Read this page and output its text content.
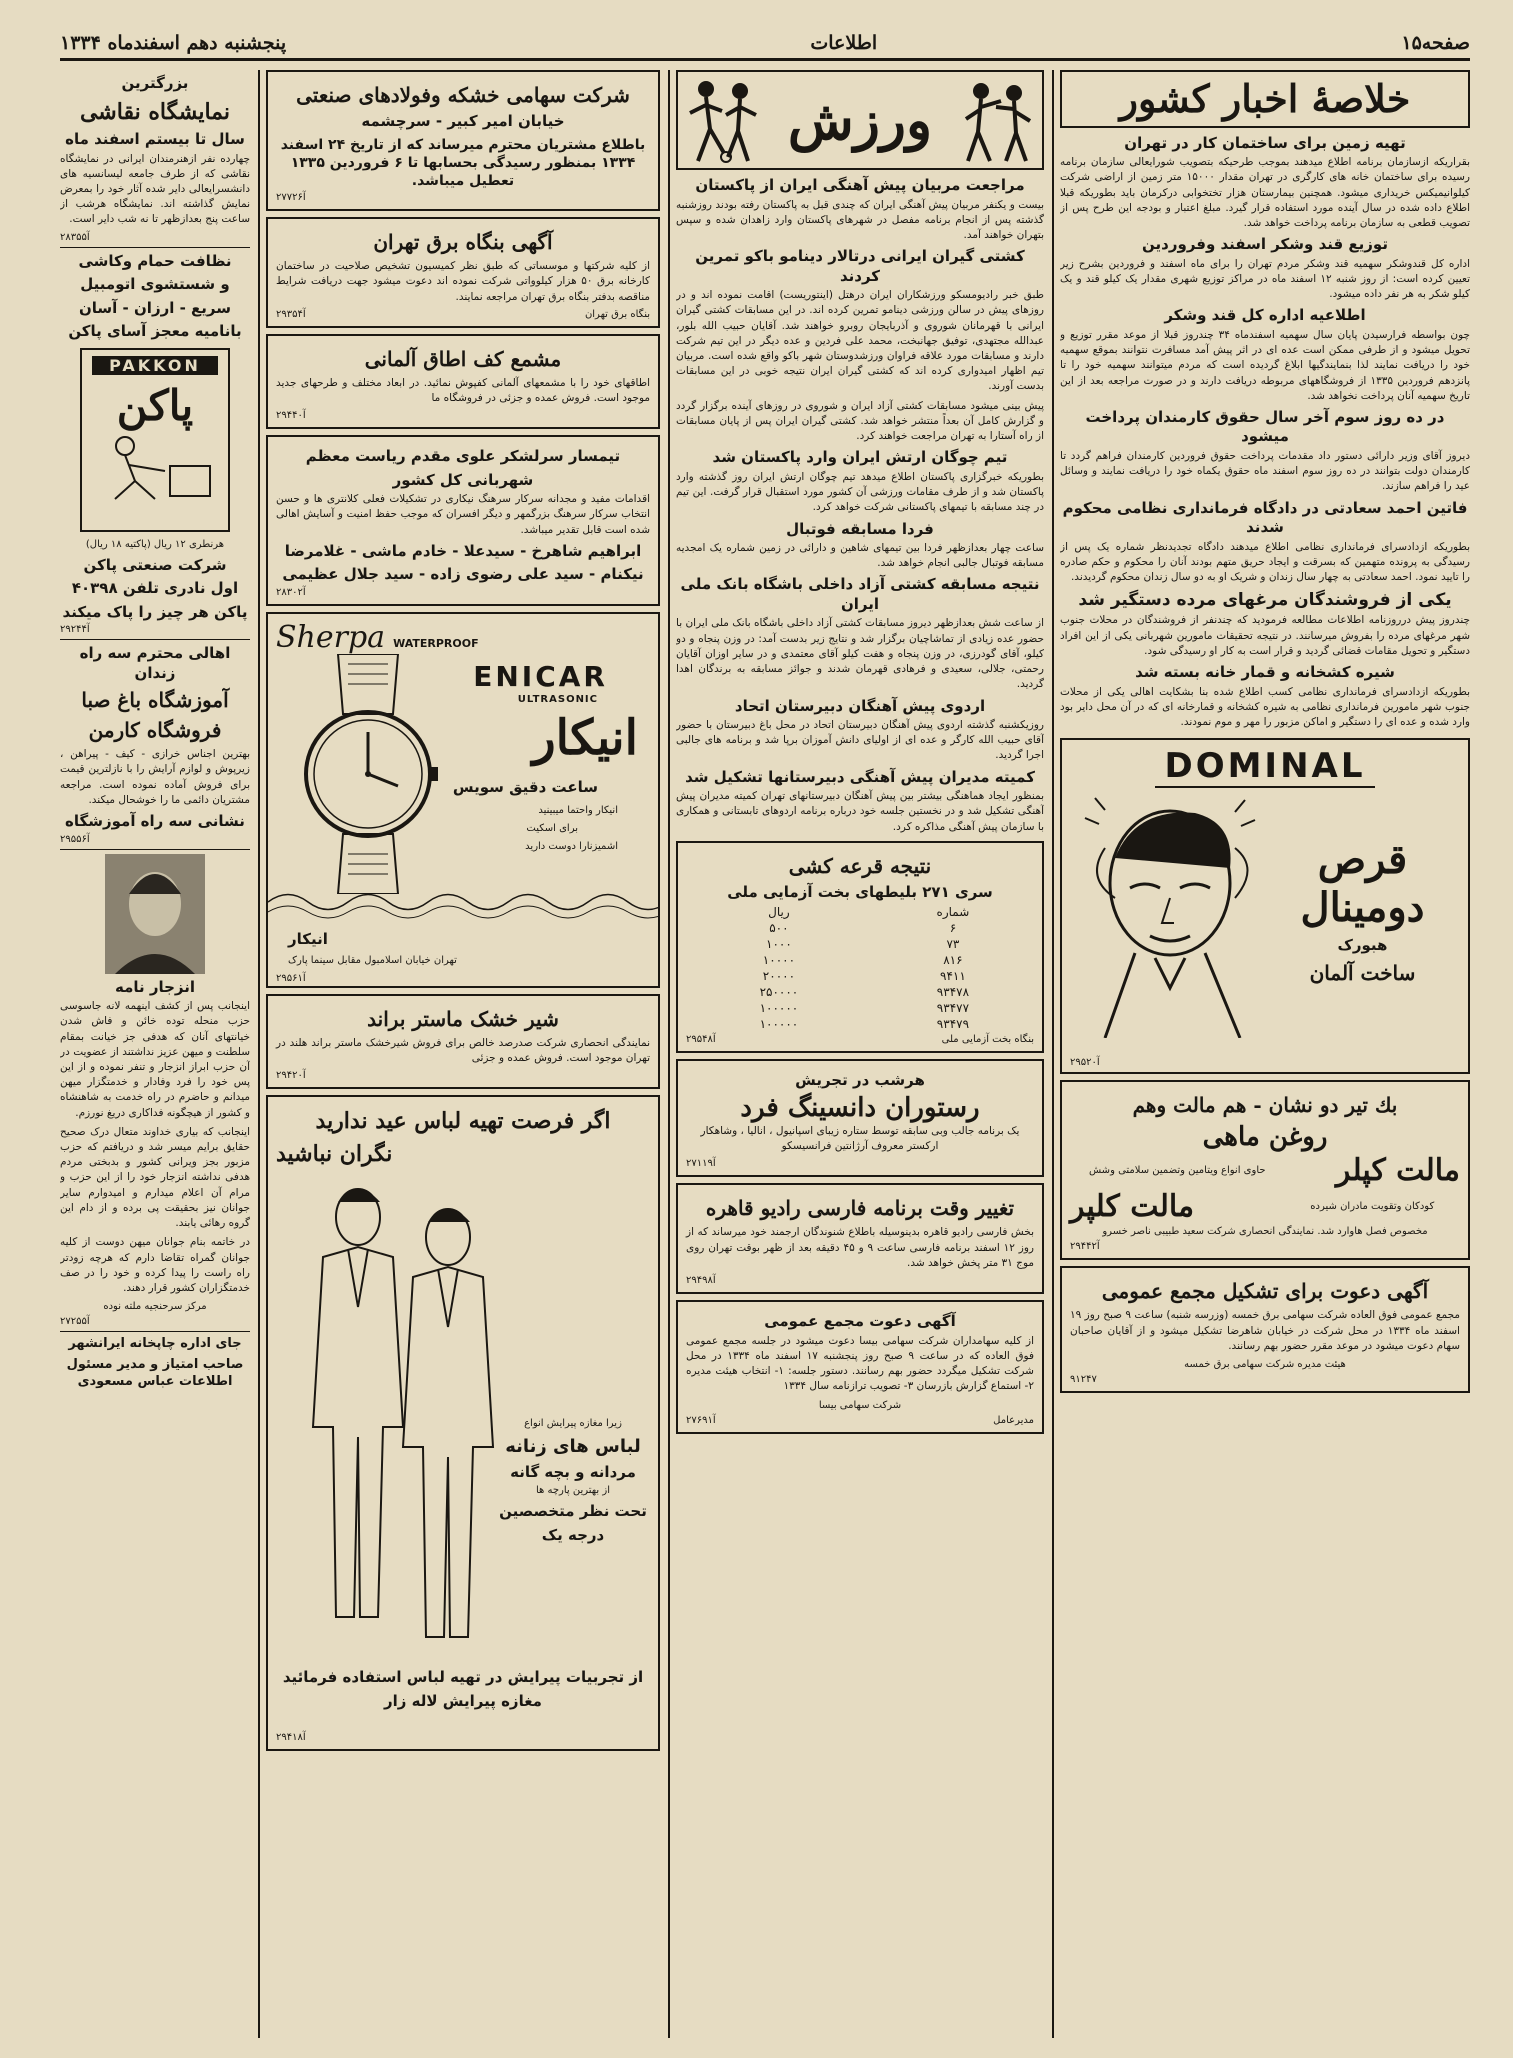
صفحه۱۵
اطلاعات
پنجشنبه دهم اسفندماه ۱۳۳۴
خلاصهٔ اخبار کشور
تهیه زمین برای ساختمان کار در تهران

بقراریکه ازسازمان برنامه اطلاع میدهند بموجب طرحیکه بتصویب شورایعالی سازمان برنامه رسیده برای ساختمان خانه های کارگری در تهران مقدار ۱۵۰۰۰ متر زمین از اراضی شرکت کیلوانیمیکس خریداری میشود. همچنین بیمارستان هزار تختخوابی درکرمان باید بطوریکه قبلا اطلاع داده شده در سال آینده مورد استفاده قرار گیرد. مبلغ اعتبار و بودجه این طرح پس از تصویب قطعی به سازمان برنامه پرداخت خواهد شد.

توزیع قند وشکر اسفند وفروردین

اداره کل قندوشکر سهمیه قند وشکر مردم تهران را برای ماه اسفند و فروردین بشرح زیر تعیین کرده است: از روز شنبه ۱۲ اسفند ماه در مراکز توزیع شهری مقدار یک کیلو قند و یک کیلو شکر به هر نفر داده میشود.

اطلاعیه اداره کل قند وشکر

چون بواسطه فرارسیدن پایان سال سهمیه اسفندماه ۳۴ چندروز قبلا از موعد مقرر توزیع و تحویل میشود و از طرفی ممکن است عده ای در اثر پیش آمد مسافرت نتوانند بموقع سهمیه خود را دریافت نمایند لذا بنمایندگیها ابلاغ گردیده است که مردم میتوانند سهمیه خود را تا پانزدهم فروردین ۱۳۳۵ از فروشگاههای مربوطه دریافت دارند و در صورت مراجعه بعد از این تاریخ سهمیه آنان پرداخت نخواهد شد.

در ده روز سوم آخر سال حقوق کارمندان پرداخت میشود

دیروز آقای وزیر دارائی دستور داد مقدمات پرداخت حقوق فروردین کارمندان فراهم گردد تا کارمندان دولت بتوانند در ده روز سوم اسفند ماه حقوق یکماه خود را دریافت نمایند و وسائل عید را فراهم سازند.

فاتین احمد سعادتی در دادگاه فرمانداری نظامی محکوم شدند

بطوریکه ازدادسرای فرمانداری نظامی اطلاع میدهند دادگاه تجدیدنظر شماره یک پس از رسیدگی به پرونده متهمین که بسرقت و ایجاد حریق متهم بودند آنان را محکوم و حکم صادره را تایید نمود. احمد سعادتی به چهار سال زندان و شریک او به دو سال زندان محکوم گردیدند.

یکی از فروشندگان مرغهای مرده دستگیر شد

چندروز پیش درروزنامه اطلاعات مطالعه فرمودید که چندنفر از فروشندگان در محلات جنوب شهر مرغهای مرده را بفروش میرسانند. در نتیجه تحقیقات مامورین شهربانی یکی از این افراد دستگیر و تحویل مقامات قضائی گردید و قرار است به کار او رسیدگی شود.

شیره کشخانه و قمار خانه بسته شد

بطوریکه ازدادسرای فرمانداری نظامی کسب اطلاع شده بنا بشکایت اهالی یکی از محلات جنوب شهر مامورین فرمانداری نظامی به شیره کشخانه و قمارخانه ای که در آن محل دایر بود وارد شده و عده ای را دستگیر و اماکن مزبور را مهر و موم نمودند.

DOMINAL
قرص دومینال
هبورک
ساخت آلمان
آ۲۹۵۲۰
بك تیر دو نشان - هم مالت وهم
روغن ماهی
مالت کپلر
حاوی انواع ویتامین وتضمین سلامتی وشش
کودکان وتقویت مادران شیرده
مالت کلپر
مخصوص فصل هاوارد شد. نمایندگی انحصاری شرکت سعید طبیبی ناصر خسرو
آ۲۹۴۴۲
آگهی دعوت برای تشکیل مجمع عمومی

مجمع عمومی فوق العاده شرکت سهامی برق خمسه (وزرسه شنبه) ساعت ۹ صبح روز ۱۹ اسفند ماه ۱۳۳۴ در محل شرکت در خیابان شاهرضا تشکیل میشود و از آقایان صاحبان سهام دعوت میشود در موعد مقرر حضور بهم رسانند.

هیئت مدیره شرکت سهامی برق خمسه
۹۱۲۴۷
ورزش
مراجعت مربیان پیش آهنگی ایران از پاکستان

بیست و یکنفر مربیان پیش آهنگی ایران که چندی قبل به پاکستان رفته بودند روزشنبه گذشته پس از انجام برنامه مفصل در شهرهای پاکستان وارد زاهدان شده و سپس بتهران خواهند آمد.

کشتی گیران ایرانی درتالار دینامو باکو تمرین کردند

طبق خبر رادیومسکو ورزشکاران ایران درهتل (اینتوریست) اقامت نموده اند و در روزهای پیش در سالن ورزشی دینامو تمرین کرده اند. در این مسابقات کشتی گیران ایرانی با قهرمانان شوروی و آذربایجان روبرو خواهند شد. آقایان حبیب الله بلور، عبدالله مجتهدی، توفیق جهانبخت، محمد علی فردین و عده دیگر در این تیم شرکت دارند و مسابقات مورد علاقه فراوان ورزشدوستان شهر باکو واقع شده است. مربیان تیم اظهار امیدواری کرده اند که کشتی گیران ایران نتیجه خوبی در این مسابقات بدست آورند.

پیش بینی میشود مسابقات کشتی آزاد ایران و شوروی در روزهای آینده برگزار گردد و گزارش کامل آن بعداً منتشر خواهد شد. کشتی گیران ایران پس از پایان مسابقات از راه آستارا به تهران مراجعت خواهند کرد.

تیم چوگان ارتش ایران وارد پاکستان شد

بطوریکه خبرگزاری پاکستان اطلاع میدهد تیم چوگان ارتش ایران روز گذشته وارد پاکستان شد و از طرف مقامات ورزشی آن کشور مورد استقبال قرار گرفت. این تیم در چند مسابقه با تیمهای پاکستانی شرکت خواهد کرد.

فردا مسابقه فوتبال

ساعت چهار بعدازظهر فردا بین تیمهای شاهین و دارائی در زمین شماره یک امجدیه مسابقه فوتبال جالبی انجام خواهد شد.

نتیجه مسابقه کشتی آزاد داخلی باشگاه بانک ملی ایران

از ساعت شش بعدازظهر دیروز مسابقات کشتی آزاد داخلی باشگاه بانک ملی ایران با حضور عده زیادی از تماشاچیان برگزار شد و نتایج زیر بدست آمد: در وزن پنجاه و دو کیلو، آقای گودرزی، در وزن پنجاه و هفت کیلو آقای معتمدی و در سایر اوزان آقایان رحمتی، جلالی، سعیدی و فرهادی قهرمان شدند و جوائز مسابقه به برندگان اهدا گردید.

اردوی پیش آهنگان دبیرستان اتحاد

روزیکشنبه گذشته اردوی پیش آهنگان دبیرستان اتحاد در محل باغ دبیرستان با حضور آقای حبیب الله کارگر و عده ای از اولیای دانش آموزان برپا شد و برنامه های جالبی اجرا گردید.

کمیته مدیران پیش آهنگی دبیرستانها تشکیل شد

بمنظور ایجاد هماهنگی بیشتر بین پیش آهنگان دبیرستانهای تهران کمیته مدیران پیش آهنگی تشکیل شد و در نخستین جلسه خود درباره برنامه اردوهای تابستانی و همکاری با سازمان پیش آهنگی مذاکره کرد.

نتیجه قرعه کشی
سری ۲۷۱ بلیطهای بخت آزمایی ملی
شماره	ریال
۶	۵۰۰
۷۳	۱۰۰۰
۸۱۶	۱۰۰۰۰
۹۴۱۱	۲۰۰۰۰
۹۳۴۷۸	۲۵۰۰۰۰
۹۳۴۷۷	۱۰۰۰۰۰
۹۳۴۷۹	۱۰۰۰۰۰
آ۲۹۵۴۸	بنگاه بخت آزمایی ملی
هرشب در تجریش
رستوران دانسینگ فرد

یک برنامه جالب وبی سابقه توسط ستاره زیبای اسپانیول ، انالیا ، وشاهکار ارکستر معروف آرژانتین فرانسیسکو

آ۲۷۱۱۹
تغییر وقت برنامه فارسی رادیو قاهره

بخش فارسی رادیو قاهره بدینوسیله باطلاع شنوندگان ارجمند خود میرساند که از روز ۱۲ اسفند برنامه فارسی ساعت ۹ و ۴۵ دقیقه بعد از ظهر بوقت تهران روی موج ۳۱ متر پخش خواهد شد.

آ۲۹۴۹۸
آگهی دعوت مجمع عمومی

از کلیه سهامداران شرکت سهامی بیسا دعوت میشود در جلسه مجمع عمومی فوق العاده که در ساعت ۹ صبح روز پنجشنبه ۱۷ اسفند ماه ۱۳۳۴ در محل شرکت تشکیل میگردد حضور بهم رسانند. دستور جلسه: ۱- انتخاب هیئت مدیره ۲- استماع گزارش بازرسان ۳- تصویب ترازنامه سال ۱۳۳۴

شرکت سهامی بیسا
آ۲۷۶۹۱	مدیرعامل
شرکت سهامی خشکه وفولادهای صنعتی
خیابان امیر کبیر - سرچشمه
باطلاع مشتریان محترم میرساند که از تاریخ ۲۴ اسفند ۱۳۳۴ بمنظور رسیدگی بحسابها تا ۶ فروردین ۱۳۳۵ تعطیل میباشد.
آ۲۷۷۲۶
آگهی بنگاه برق تهران

از کلیه شرکتها و موسساتی که طبق نظر کمیسیون تشخیص صلاحیت در ساختمان کارخانه برق ۵۰ هزار کیلوواتی شرکت نموده اند دعوت میشود جهت دریافت شرایط مناقصه بدفتر بنگاه برق تهران مراجعه نمایند.

آ۲۹۳۵۴	بنگاه برق تهران
مشمع کف اطاق آلمانی

اطاقهای خود را با مشمعهای آلمانی کفپوش نمائید. در ابعاد مختلف و طرحهای جدید موجود است. فروش عمده و جزئی در فروشگاه ما

آ۲۹۴۴۰
تیمسار سرلشکر علوی مقدم ریاست معظم
شهربانی کل کشور

اقدامات مفید و مجدانه سرکار سرهنگ نیکاری در تشکیلات فعلی کلانتری ها و حسن انتخاب سرکار سرهنگ بزرگمهر و دیگر افسران که موجب حفظ امنیت و آسایش اهالی شده است قابل تقدیر میباشد.

ابراهیم شاهرخ - سیدعلا - خادم ماشی - غلامرضا
نیکنام - سید علی رضوی زاده - سید جلال عظیمی
آ۲۸۳۰۲
Sherpa WATERPROOF
ENICAR
ULTRASONIC
انیکار
ساعت دقیق سویس
انیکار واحتما میبینید
برای اسکیت
اشمیزنارا دوست دارید
انیکار
تهران خیابان اسلامبول مقابل سینما پارک
آ۲۹۵۶۱
شیر خشک ماستر براند

نمایندگی انحصاری شرکت صدرصد خالص برای فروش شیرخشک ماستر براند هلند در تهران موجود است. فروش عمده و جزئی

آ۲۹۴۲۰
اگر فرصت تهیه لباس عید ندارید
نگران نباشید
زیرا مغازه پیرایش انواع
لباس های زنانه
مردانه و بچه گانه
از بهترین پارچه ها
تحت نظر متخصصین
درجه یک
از تجربیات پیرایش در تهیه لباس استفاده فرمائید
مغازه پیرایش لاله زار
آ۲۹۴۱۸
بزرگترین
نمایشگاه نقاشی
سال تا بیستم اسفند ماه

چهارده نفر ازهنرمندان ایرانی در نمایشگاه نقاشی که از طرف جامعه لیسانسیه های دانشسرایعالی دایر شده آثار خود را بمعرض نمایش گذاشته اند. نمایشگاه هرشب از ساعت پنج بعدازظهر تا نه شب دایر است.

آ۲۸۳۵۵
نظافت حمام وکاشی
و شستشوی اتومبیل
سریع - ارزان - آسان
بانامیه معجز آسای پاکن
PAKKON
پاکن
هرنطری ۱۲ ریال (پاکتیه ۱۸ ریال)
شرکت صنعتی پاکن
اول نادری تلفن ۴۰۳۹۸
پاکن هر چیز را پاک میکند
آ۲۹۲۴۴
اهالی محترم سه راه زندان
آموزشگاه باغ صبا
فروشگاه کارمن

بهترین اجناس خرازی - کیف - پیراهن ، زیرپوش و لوازم آرایش را با نازلترین قیمت برای فروش آماده نموده است. مراجعه مشتریان دائمی ما را خوشحال میکند.

نشانی سه راه آموزشگاه
آ۲۹۵۵۶
انزجار نامه

اینجانب پس از کشف اینهمه لانه جاسوسی حزب منحله توده خائن و فاش شدن خیانتهای آنان که هدفی جز خیانت بمقام سلطنت و میهن عزیز نداشتند از عضویت در آن حزب ابراز انزجار و تنفر نموده و از این پس خود را فرد وفادار و خدمتگزار میهن میدانم و حاضرم در راه خدمت به شاهنشاه و کشور از هیچگونه فداکاری دریغ نورزم.

اینجانب که بیاری خداوند متعال درک صحیح حقایق برایم میسر شد و دریافتم که حزب مزبور بجز ویرانی کشور و بدبختی مردم هدفی نداشته انزجار خود را از این حزب و مرام آن اعلام میدارم و امیدوارم سایر جوانان نیز بحقیقت پی برده و از دام این گروه رهائی یابند.

در خاتمه بنام جوانان میهن دوست از کلیه جوانان گمراه تقاضا دارم که هرچه زودتر راه راست را پیدا کرده و خود را در صف خدمتگزاران کشور قرار دهند.

مرکز سرحنجیه ملته نوده
آ۲۷۲۵۵
جای اداره چاپخانه ایرانشهر
صاحب امتیاز و مدیر مسئول اطلاعات عباس مسعودی
